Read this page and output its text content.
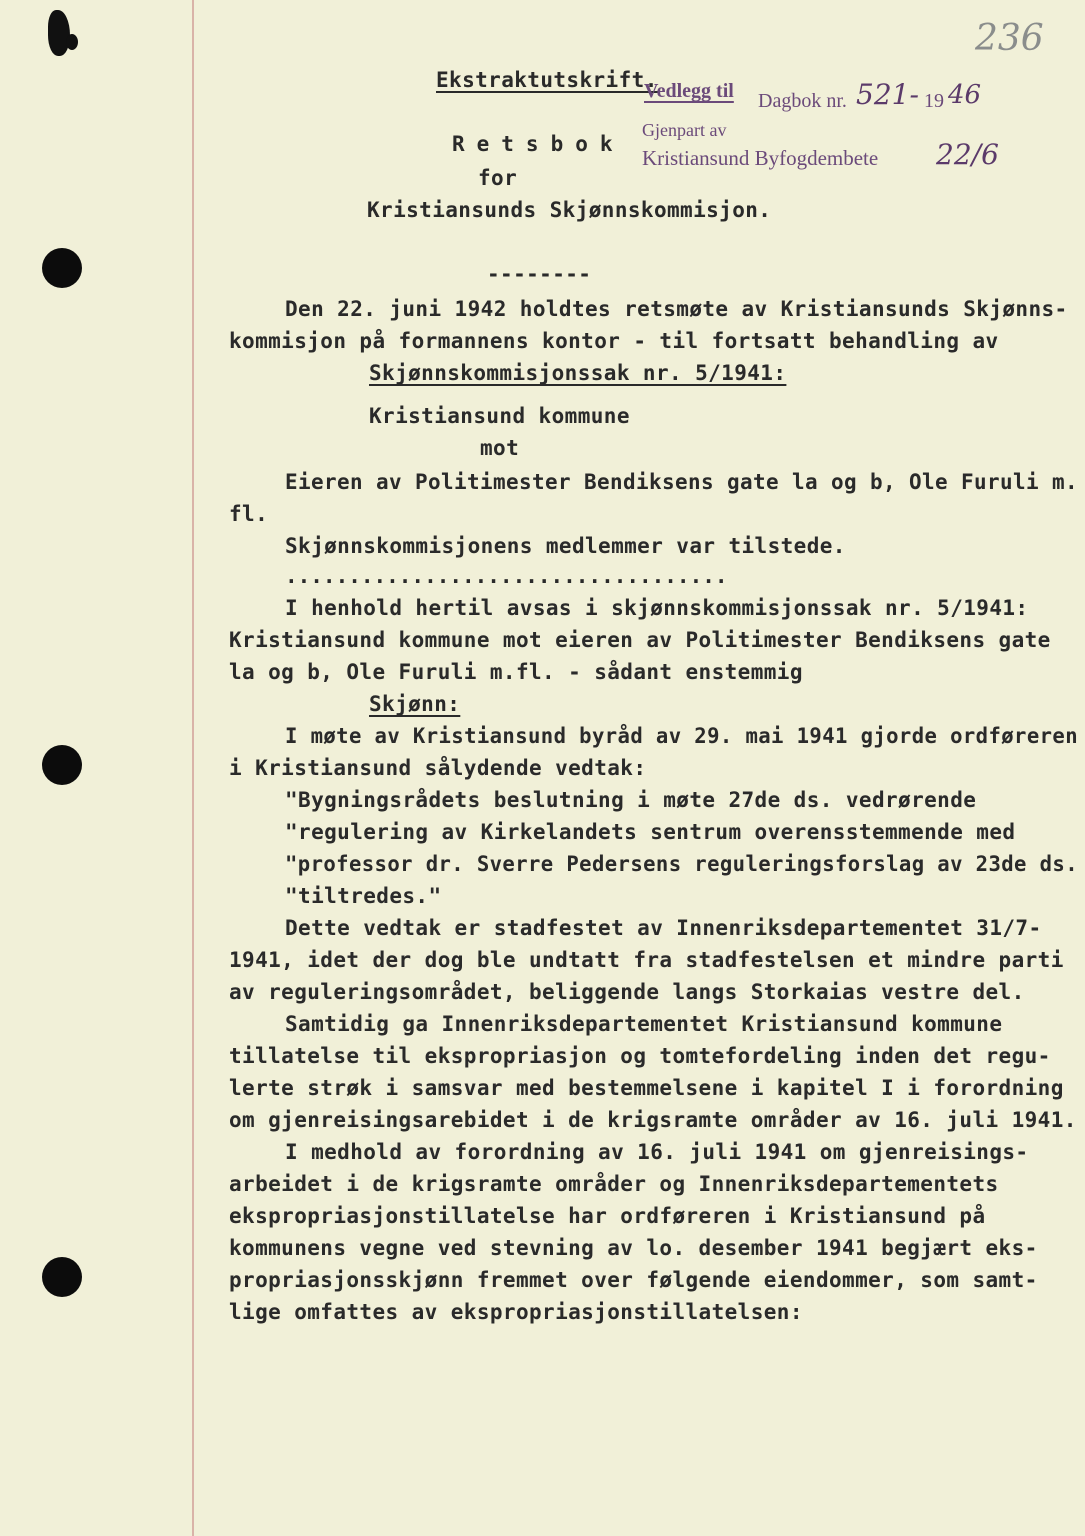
236
Ekstraktutskrift.
Retsbok
for
Kristiansunds Skjønnskommisjon.
--------
Vedlegg til Dagbok nr. 521- 19 46
Gjenpart av
Kristiansund Byfogdembete 22/6
Den 22. juni 1942 holdtes retsmøte av Kristiansunds Skjønns-
kommisjon på formannens kontor - til fortsatt behandling av
Skjønnskommisjonssak nr. 5/1941:
Kristiansund kommune
mot
Eieren av Politimester Bendiksens gate la og b, Ole Furuli m.
fl.
Skjønnskommisjonens medlemmer var tilstede.
...................................
I henhold hertil avsas i skjønnskommisjonssak nr. 5/1941:
Kristiansund kommune mot eieren av Politimester Bendiksens gate
la og b, Ole Furuli m.fl. - sådant enstemmig
Skjønn:
I møte av Kristiansund byråd av 29. mai 1941 gjorde ordføreren
i Kristiansund sålydende vedtak:
"Bygningsrådets beslutning i møte 27de ds. vedrørende
"regulering av Kirkelandets sentrum overensstemmende med
"professor dr. Sverre Pedersens reguleringsforslag av 23de ds.
"tiltredes."
Dette vedtak er stadfestet av Innenriksdepartementet 31/7-
1941, idet der dog ble undtatt fra stadfestelsen et mindre parti
av reguleringsområdet, beliggende langs Storkaias vestre del.
Samtidig ga Innenriksdepartementet Kristiansund kommune
tillatelse til ekspropriasjon og tomtefordeling inden det regu-
lerte strøk i samsvar med bestemmelsene i kapitel I i forordning
om gjenreisingsarebidet i de krigsramte områder av 16. juli 1941.
I medhold av forordning av 16. juli 1941 om gjenreisings-
arbeidet i de krigsramte områder og Innenriksdepartementets
ekspropriasjonstillatelse har ordføreren i Kristiansund på
kommunens vegne ved stevning av lo. desember 1941 begjært eks-
propriasjonsskjønn fremmet over følgende eiendommer, som samt-
lige omfattes av ekspropriasjonstillatelsen:
